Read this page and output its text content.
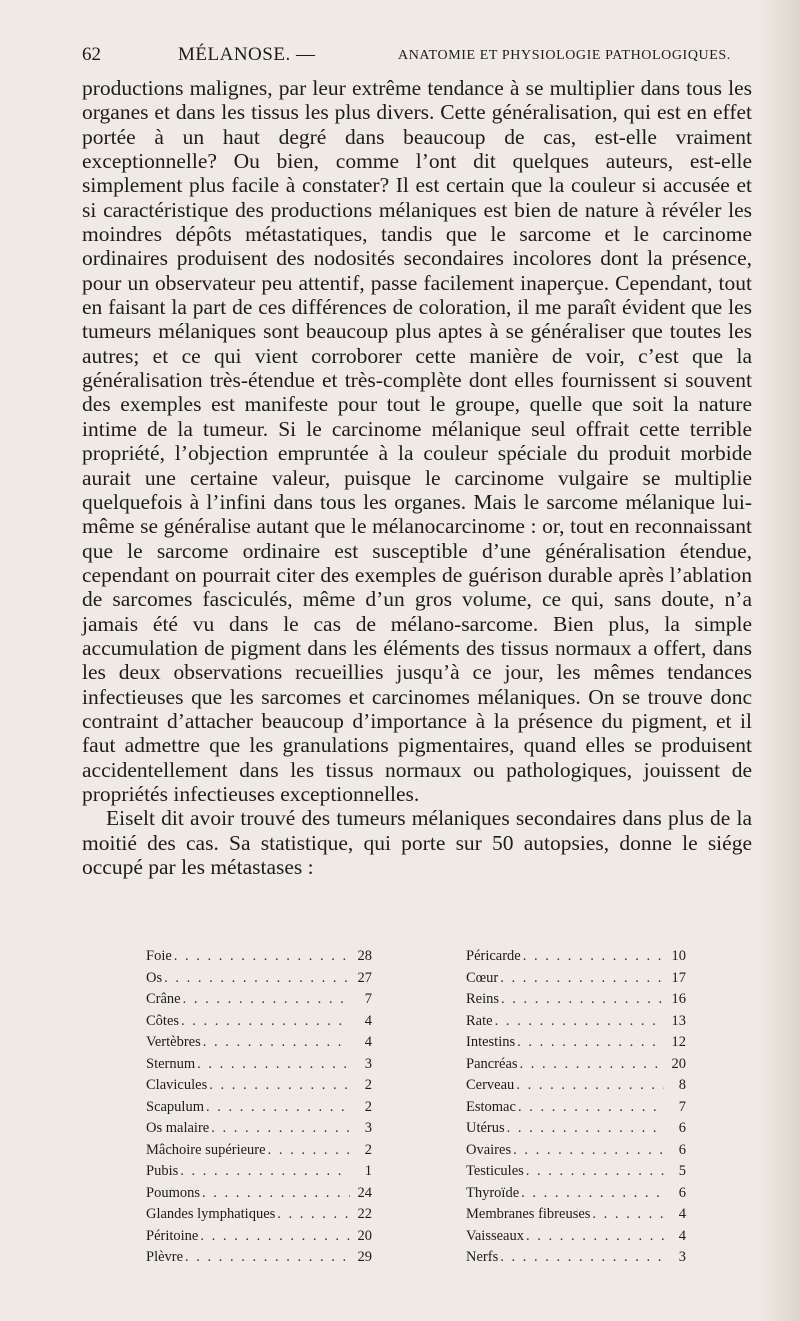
62	MÉLANOSE. —	ANATOMIE ET PHYSIOLOGIE PATHOLOGIQUES.

productions malignes, par leur extrême tendance à se multiplier dans tous les organes et dans les tissus les plus divers. Cette généralisation, qui est en effet portée à un haut degré dans beaucoup de cas, est-elle vraiment exceptionnelle? Ou bien, comme l’ont dit quelques auteurs, est-elle simplement plus facile à constater? Il est certain que la couleur si accusée et si caractéristique des productions mélaniques est bien de nature à révéler les moindres dépôts métastatiques, tandis que le sarcome et le carcinome ordinaires produisent des nodosités secondaires incolores dont la présence, pour un observateur peu attentif, passe facilement inaperçue. Cependant, tout en faisant la part de ces différences de coloration, il me paraît évident que les tumeurs mélaniques sont beaucoup plus aptes à se généraliser que toutes les autres; et ce qui vient corroborer cette manière de voir, c’est que la généralisation très-étendue et très-complète dont elles fournissent si souvent des exemples est manifeste pour tout le groupe, quelle que soit la nature intime de la tumeur. Si le carcinome mélanique seul offrait cette terrible propriété, l’objection empruntée à la couleur spéciale du produit morbide aurait une certaine valeur, puisque le carcinome vulgaire se multiplie quelquefois à l’infini dans tous les organes. Mais le sarcome mélanique lui-même se généralise autant que le mélanocarcinome : or, tout en reconnaissant que le sarcome ordinaire est susceptible d’une généralisation étendue, cependant on pourrait citer des exemples de guérison durable après l’ablation de sarcomes fasciculés, même d’un gros volume, ce qui, sans doute, n’a jamais été vu dans le cas de mélano-sarcome. Bien plus, la simple accumulation de pigment dans les éléments des tissus normaux a offert, dans les deux observations recueillies jusqu’à ce jour, les mêmes tendances infectieuses que les sarcomes et carcinomes mélaniques. On se trouve donc contraint d’attacher beaucoup d’importance à la présence du pigment, et il faut admettre que les granulations pigmentaires, quand elles se produisent accidentellement dans les tissus normaux ou pathologiques, jouissent de propriétés infectieuses exceptionnelles.

Eiselt dit avoir trouvé des tumeurs mélaniques secondaires dans plus de la moitié des cas. Sa statistique, qui porte sur 50 autopsies, donne le siége occupé par les métastases :

Foie . . .	28
Os . . .	27
Crâne . . .	7
Côtes . . .	4
Vertèbres . . .	4
Sternum . . .	3
Clavicules . . .	2
Scapulum . . .	2
Os malaire . . .	3
Mâchoire supérieure . . .	2
Pubis . . .	1
Poumons . . .	24
Glandes lymphatiques . . .	22
Péritoine . . .	20
Plèvre . . .	29
Péricarde . . .	10
Cœur . . .	17
Reins . . .	16
Rate . . .	13
Intestins . . .	12
Pancréas . . .	20
Cerveau . . .	8
Estomac . . .	7
Utérus . . .	6
Ovaires . . .	6
Testicules . . .	5
Thyroïde . . .	6
Membranes fibreuses . . .	4
Vaisseaux . . .	4
Nerfs . . .	3
